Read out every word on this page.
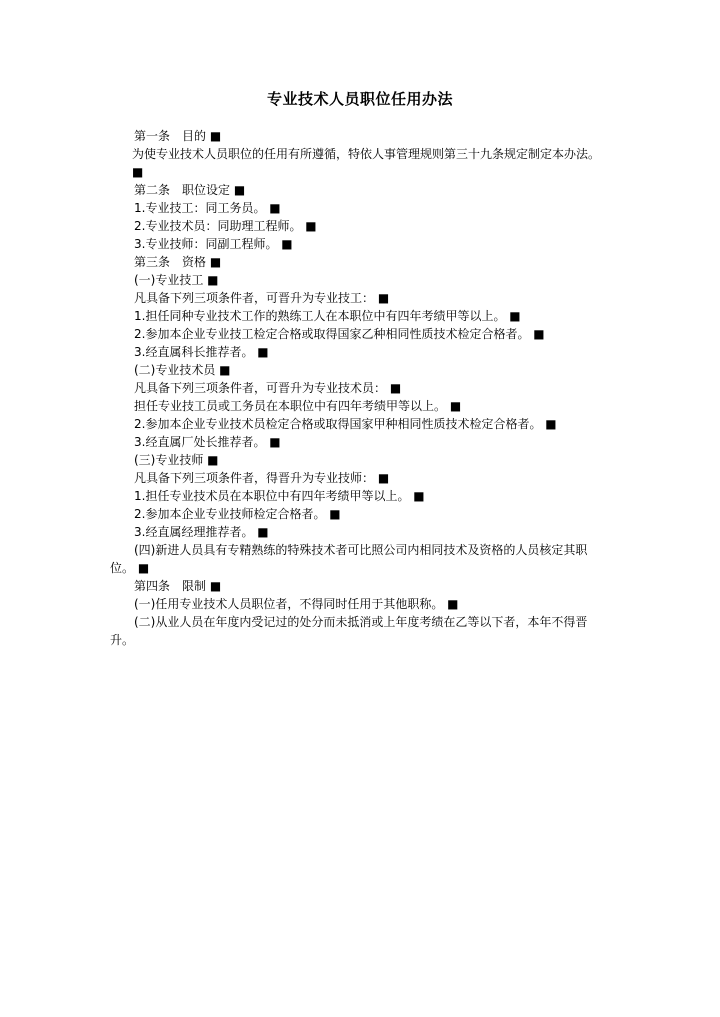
专业技术人员职位任用办法

第一条　目的 ■

为使专业技术人员职位的任用有所遵循，特依人事管理规则第三十九条规定制定本办法。 ■

第二条　职位设定 ■

1.专业技工：同工务员。 ■

2.专业技术员：同助理工程师。 ■

3.专业技师：同副工程师。 ■

第三条　资格 ■

(一)专业技工 ■

凡具备下列三项条件者，可晋升为专业技工： ■

1.担任同种专业技术工作的熟练工人在本职位中有四年考绩甲等以上。 ■

2.参加本企业专业技工检定合格或取得国家乙种相同性质技术检定合格者。 ■

3.经直属科长推荐者。 ■

(二)专业技术员 ■

凡具备下列三项条件者，可晋升为专业技术员： ■

担任专业技工员或工务员在本职位中有四年考绩甲等以上。 ■

2.参加本企业专业技术员检定合格或取得国家甲种相同性质技术检定合格者。 ■

3.经直属厂处长推荐者。 ■

(三)专业技师 ■

凡具备下列三项条件者，得晋升为专业技师： ■

1.担任专业技术员在本职位中有四年考绩甲等以上。 ■

2.参加本企业专业技师检定合格者。 ■

3.经直属经理推荐者。 ■

(四)新进人员具有专精熟练的特殊技术者可比照公司内相同技术及资格的人员核定其职位。 ■

第四条　限制 ■

(一)任用专业技术人员职位者，不得同时任用于其他职称。 ■

(二)从业人员在年度内受记过的处分而未抵消或上年度考绩在乙等以下者，本年不得晋升。
